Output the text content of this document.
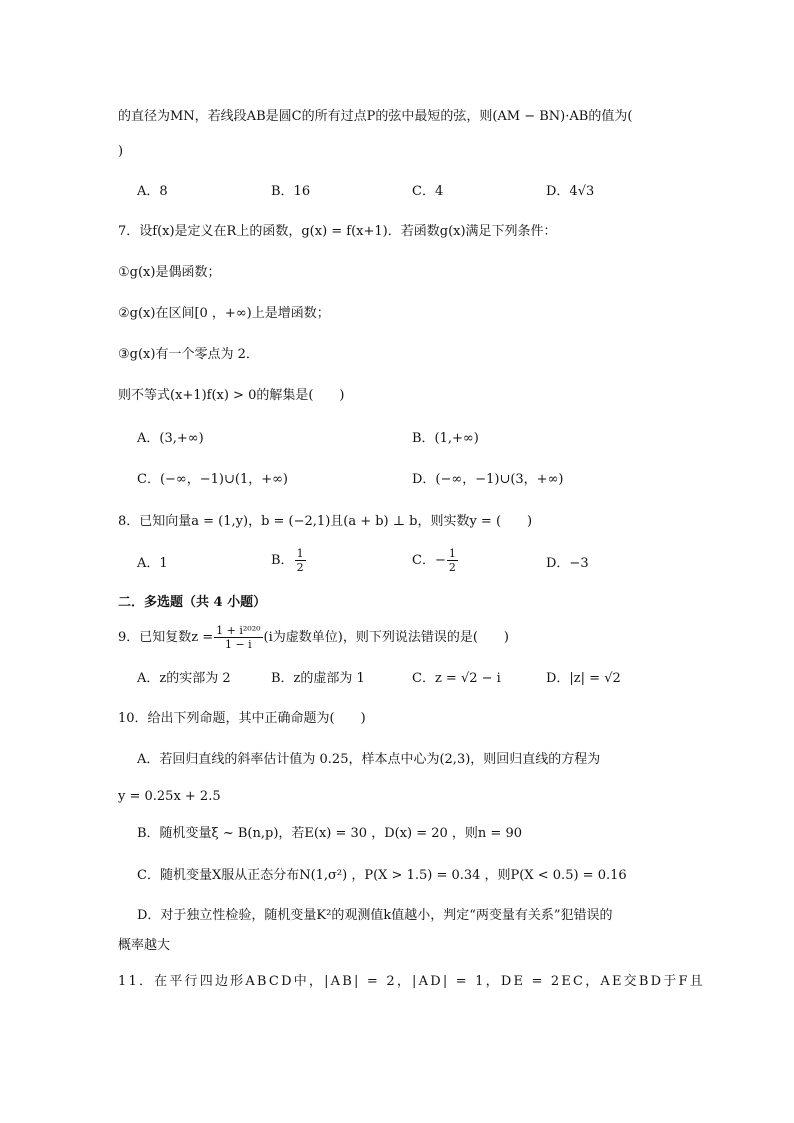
的直径为MN，若线段AB是圆C的所有过点P的弦中最短的弦，则(AM − BN)·AB的值为(
)
A．8	B．16	C．4	D．4√3
7．设f(x)是定义在R上的函数，g(x) = f(x+1)．若函数g(x)满足下列条件：
①g(x)是偶函数；
②g(x)在区间[0 ，+∞)上是增函数；
③g(x)有一个零点为 2．
则不等式(x+1)f(x) > 0的解集是(　　)
A．(3,+∞)	B．(1,+∞)
C．(−∞，−1)∪(1，+∞)	D．(−∞，−1)∪(3，+∞)
8．已知向量a = (1,y)，b = (−2,1)且(a + b) ⊥ b，则实数y = (　　)
A．1	B． $\frac{1}{2}$	C．− $\frac{1}{2}$	D．−3
二．多选题（共 4 小题）
9．已知复数$z = \frac{\text{1 + i²⁰²⁰}}{1 - i} (i$为虚数单位)，则下列说法错误的是(　　)
A．z的实部为 2	B．z的虚部为 1	C．z = √2 − i	D．|z| = √2
10．给出下列命题，其中正确命题为(　　)
A．若回归直线的斜率估计值为 0.25，样本点中心为(2,3)，则回归直线的方程为
y = 0.25x + 2.5
B．随机变量ξ ~ B(n,p)，若E(x) = 30 ，D(x) = 20 ，则n = 90
C．随机变量X服从正态分布N(1,σ²) ，P(X > 1.5) = 0.34 ，则P(X < 0.5) = 0.16
D．对于独立性检验，随机变量K²的观测值k值越小，判定“两变量有关系”犯错误的
概率越大
11．在平行四边形ABCD中，|AB| = 2，|AD| = 1，DE = 2EC，AE交BD于F且
